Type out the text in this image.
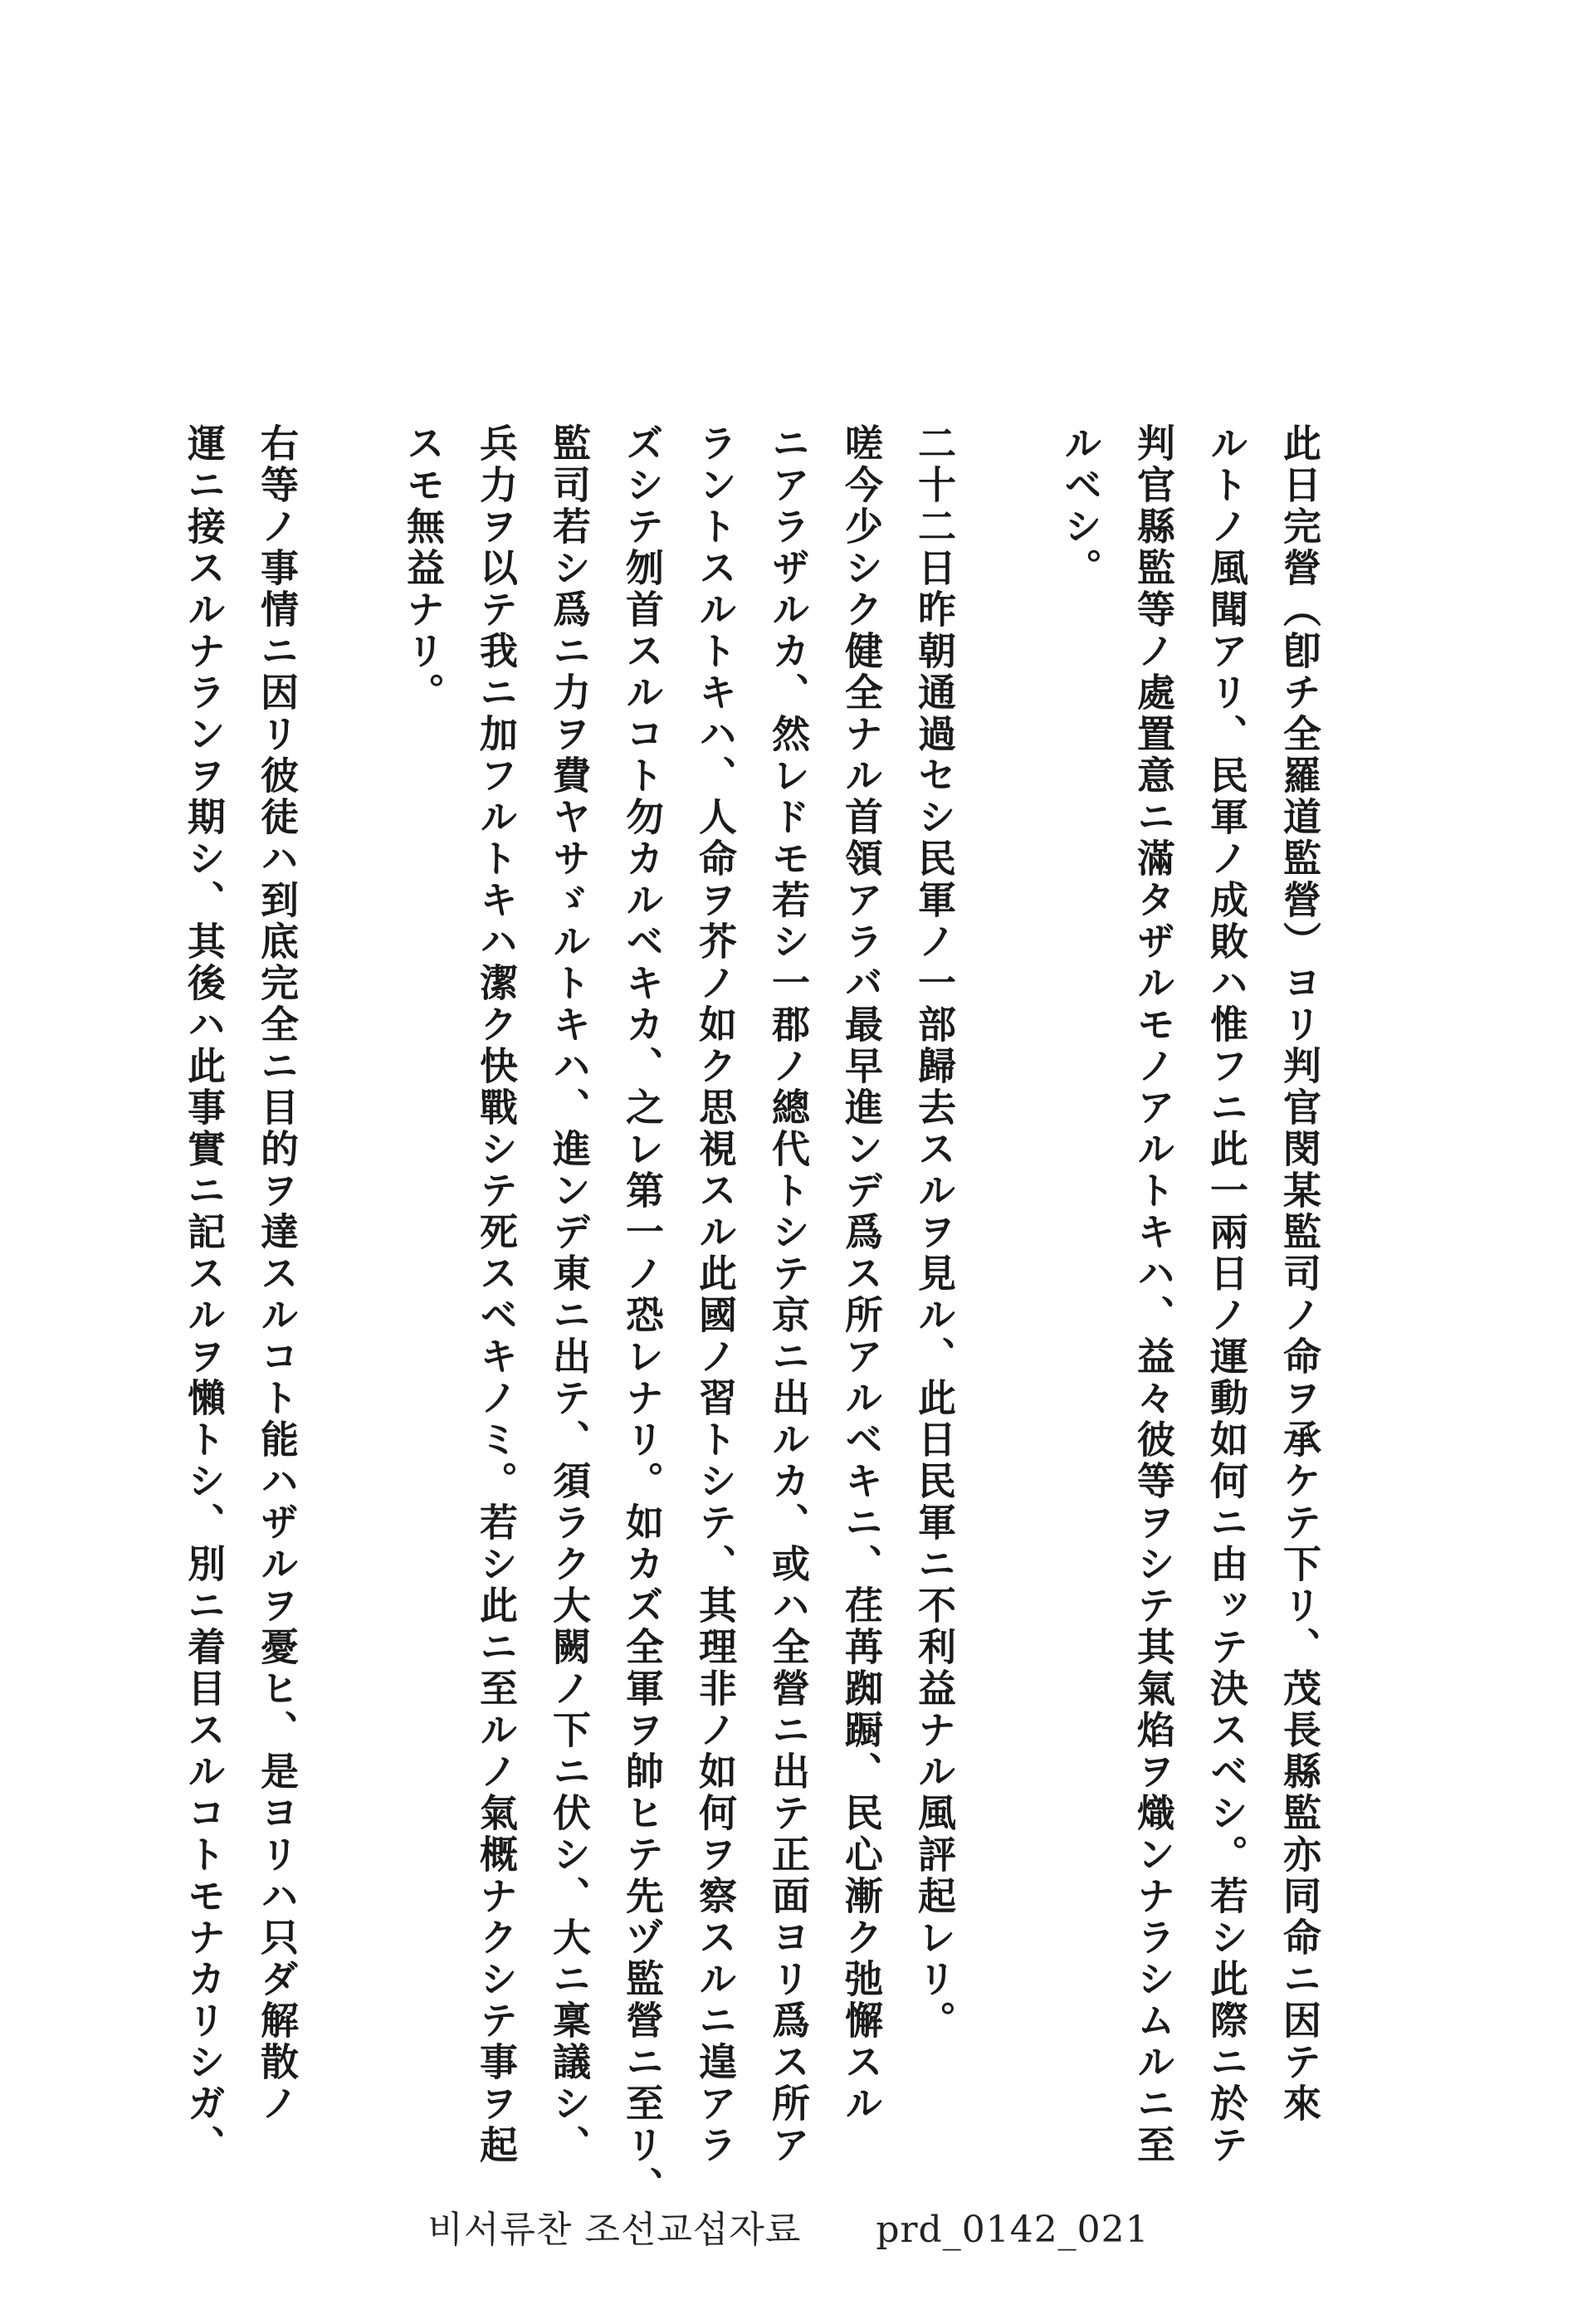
此日完營（卽チ全羅道監營）ヨリ判官閔某監司ノ命ヲ承ケテ下リ、茂長縣監亦同命ニ因テ來

ルトノ風聞アリ、民軍ノ成敗ハ惟フニ此一兩日ノ運動如何ニ由ッテ決スベシ。若シ此際ニ於テ

判官縣監等ノ處置意ニ滿タザルモノアルトキハ、益々彼等ヲシテ其氣焰ヲ熾ンナラシムルニ至

ルベシ。

二十二日昨朝通過セシ民軍ノ一部歸去スルヲ見ル、此日民軍ニ不利益ナル風評起レリ。

嗟今少シク健全ナル首領アラバ最早進ンデ爲ス所アルベキニ、荏苒踟蹰、民心漸ク弛懈スル

ニアラザルカ、然レドモ若シ一郡ノ總代トシテ京ニ出ルカ、或ハ全營ニ出テ正面ヨリ爲ス所ア

ラントスルトキハ、人命ヲ芥ノ如ク思視スル此國ノ習トシテ、其理非ノ如何ヲ察スルニ遑アラ

ズシテ刎首スルコト勿カルベキカ、之レ第一ノ恐レナリ。如カズ全軍ヲ帥ヒテ先ヅ監營ニ至リ、

監司若シ爲ニ力ヲ費ヤサゞルトキハ、進ンデ東ニ出テ、須ラク大闕ノ下ニ伏シ、大ニ稟議シ、

兵力ヲ以テ我ニ加フルトキハ潔ク快戰シテ死スベキノミ。若シ此ニ至ルノ氣概ナクシテ事ヲ起

スモ無益ナリ。

右等ノ事情ニ因リ彼徒ハ到底完全ニ目的ヲ達スルコト能ハザルヲ憂ヒ、是ヨリハ只ダ解散ノ

運ニ接スルナランヲ期シ、其後ハ此事實ニ記スルヲ懶トシ、別ニ着目スルコトモナカリシガ、

비서류찬 조선교섭자료 prd_0142_021
